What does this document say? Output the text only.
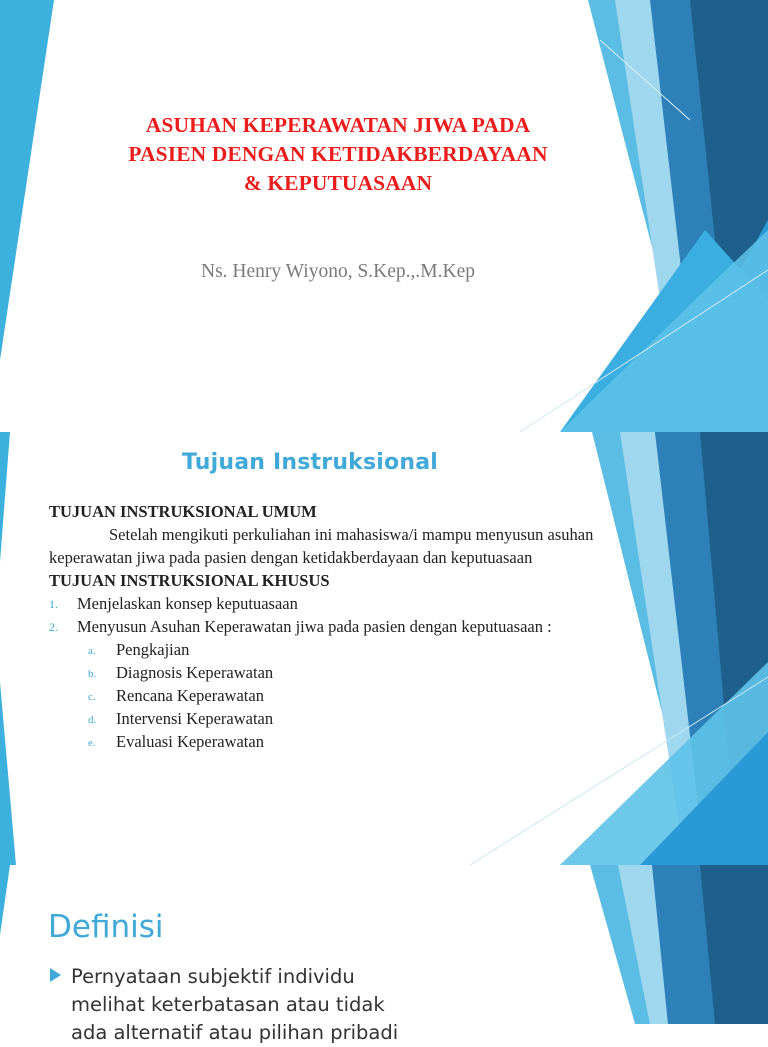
ASUHAN KEPERAWATAN JIWA PADA
PASIEN DENGAN KETIDAKBERDAYAAN
& KEPUTUASAAN
Ns. Henry Wiyono, S.Kep.,.M.Kep
Tujuan Instruksional
TUJUAN INSTRUKSIONAL UMUM
Setelah mengikuti perkuliahan ini mahasiswa/i mampu menyusun asuhan keperawatan jiwa pada pasien dengan ketidakberdayaan dan keputuasaan
TUJUAN INSTRUKSIONAL KHUSUS
1. Menjelaskan konsep keputuasaan
2. Menyusun Asuhan Keperawatan jiwa pada pasien dengan keputuasaan :
a. Pengkajian
b. Diagnosis Keperawatan
c. Rencana Keperawatan
d. Intervensi Keperawatan
e. Evaluasi Keperawatan
Definisi
Pernyataan subjektif individu
melihat keterbatasan atau tidak
ada alternatif atau pilihan pribadi
